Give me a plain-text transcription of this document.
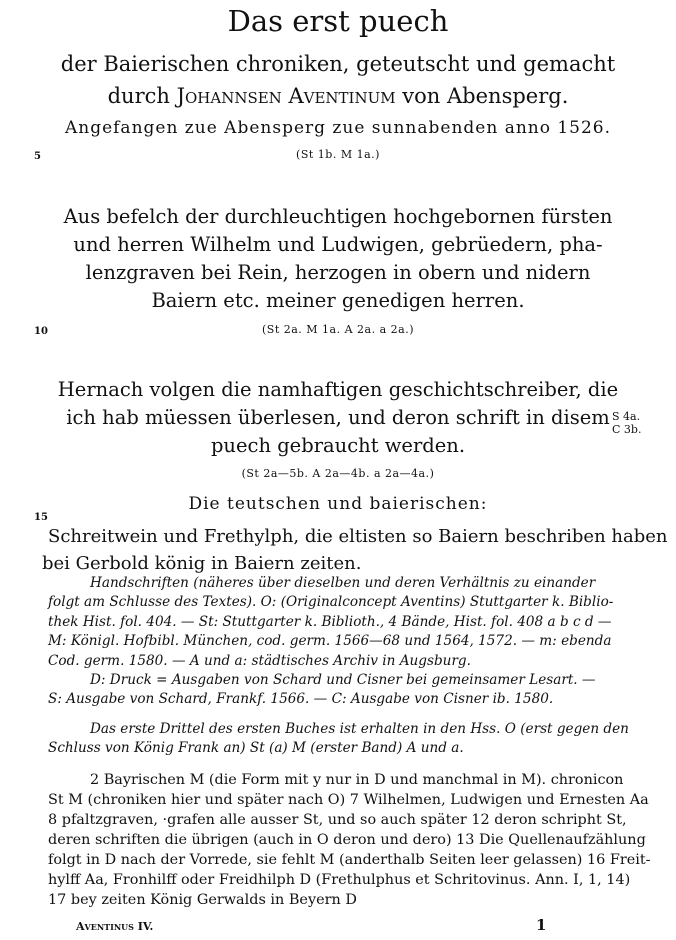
Das erst puech
der Baierischen chroniken, geteutscht und gemacht
durch Johannsen Aventinum von Abensperg.
Angefangen zue Abensperg zue sunnabenden anno 1526.
(St 1b. M 1a.)
5
10
15
Aus befelch der durchleuchtigen hochgebornen fürsten
und herren Wilhelm und Ludwigen, gebrüedern, pha-
lenzgraven bei Rein, herzogen in obern und nidern
Baiern etc. meiner genedigen herren.
(St 2a. M 1a. A 2a. a 2a.)
Hernach volgen die namhaftigen geschichtschreiber, die
ich hab müessen überlesen, und deron schrift in disem
puech gebraucht werden.
(St 2a—5b. A 2a—4b. a 2a—4a.)
S 4a.
C 3b.
Die teutschen und baierischen:
Schreitwein und Frethylph, die eltisten so Baiern beschriben haben
bei Gerbold könig in Baiern zeiten.
Handschriften (näheres über dieselben und deren Verhältnis zu einander
folgt am Schlusse des Textes). O: (Originalconcept Aventins) Stuttgarter k. Biblio-
thek Hist. fol. 404. — St: Stuttgarter k. Biblioth., 4 Bände, Hist. fol. 408 a b c d —
M: Königl. Hofbibl. München, cod. germ. 1566—68 und 1564, 1572. — m: ebenda
Cod. germ. 1580. — A und a: städtisches Archiv in Augsburg.
D: Druck = Ausgaben von Schard und Cisner bei gemeinsamer Lesart. —
S: Ausgabe von Schard, Frankf. 1566. — C: Ausgabe von Cisner ib. 1580.
Das erste Drittel des ersten Buches ist erhalten in den Hss. O (erst gegen den
Schluss von König Frank an) St (a) M (erster Band) A und a.
2 Bayrischen M (die Form mit y nur in D und manchmal in M). chronicon
St M (chroniken hier und später nach O) 7 Wilhelmen, Ludwigen und Ernesten Aa
8 pfaltzgraven, ·grafen alle ausser St, und so auch später 12 deron schripht St,
deren schriften die übrigen (auch in O deron und dero) 13 Die Quellenaufzählung
folgt in D nach der Vorrede, sie fehlt M (anderthalb Seiten leer gelassen) 16 Freit-
hylff Aa, Fronhilff oder Freidhilph D (Frethulphus et Schritovinus. Ann. I, 1, 14)
17 bey zeiten König Gerwalds in Beyern D
Aventinus IV.	1
